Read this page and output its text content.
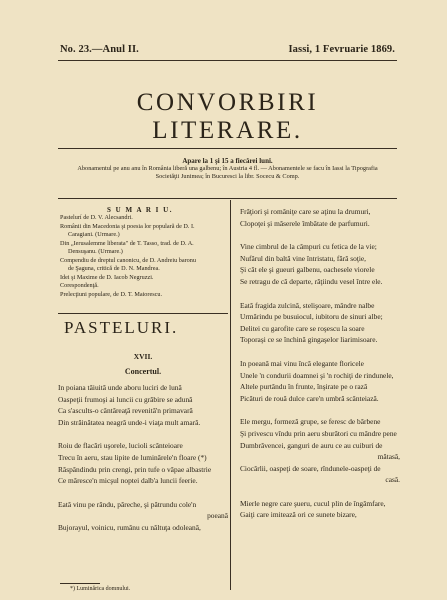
No. 23.—Anul II.	Iassi, 1 Fevruarie 1869.
CONVORBIRI LITERARE.
Apare la 1 şi 15 a fiecărei luni.
Abonamentul pe anu anu în România liberă una galbenu; în Austria 4 fl. — Abonamentele se facu în Iassi la Tipografia
Societăţii Junimea; în Bucuresci la libr. Socecu & Comp.
S U M A R I U.
Pastelurí de D. V. Alecsandri.
Românii din Macedonia şi poesia lor populară de D. I.
Caragiani. (Urmare.)
Din „Ierusalemme liberata" de T. Tasso, trad. de D. A.
Densuşanu. (Urmare.)
Compendiu de dreptul canonicu, de D. Andreiu baronu
de Şaguna, critică de D. N. Mandrea.
Idei şi Maxime de D. Iacob Negruzzi.
Corespondenţă.
Prelecţiuni populare, de D. T. Maiorescu.
PASTELURI.
XVII.
Concertul.
In poiana tăiuită unde aboru luciri de lună
Oaspeţii frumoşi ai luncii cu grăbire se adună
Ca s'ascults-o cântăreaţă revenită'n primavară
Din străinătatea neagră unde-i viaţa mult amară.
Roiu de flacări uşorele, lucioli scânteioare
Trecu în aeru, stau lipite de luminărele'n floare (*)
Răspândindu prin crengi, prin tufe o văpae albastrie
Ce măresce'n micşul noptei dalb'a luncii feerie.
Eată vinu pe rându, păreche, şi pătrundu cole'n
poeană
Bujorayul, voinicu, rumânu cu năltuţa odoleană,
*) Luminărica domnului.
Frăţiori şi româniţe care se aţinu la drumuri,
Clopoţei şi măserele îmbătate de parfumuri.
Vine cimbrul de la câmpuri cu fetica de la vie;
Nufărul din baltă vine întristatu, fără soţie,
Şi cât ele şi gueuri galbenu, oachesele viorele
Se retragu de că departe, răţiindu vesel între ele.
Eată fragida zulcină, stelişoare, mândre nalbe
Urmărindu pe busuiocul, iubitoru de sinuri albe;
Delitei cu garofite care se roşescu la soare
Toporaşi ce se închină gingaşelor liarimisoare.
In poeană mai vinu încă elegante floricele
Unele 'n condurii doamnei şi 'n rochiţi de rindunele,
Altele purtându în frunte, înşirate pe o rază
Picături de rouă dulce care'n umbră scânteiază.
Ele mergu, formeză grupe, se feresc de bărbene
Şi privescu vîndu prin aeru sburători cu mândre pene
Dumbrăvencei, ganguri de auru ce au cuiburi de
mătasă,
Ciocârlii, oaspeţi de soare, rîndunele-oaspeţi de
casă.
Mierle negre care şueru, cucul plin de îngâmfare,
Gaiţi care imitează ori ce sunete bizare,
